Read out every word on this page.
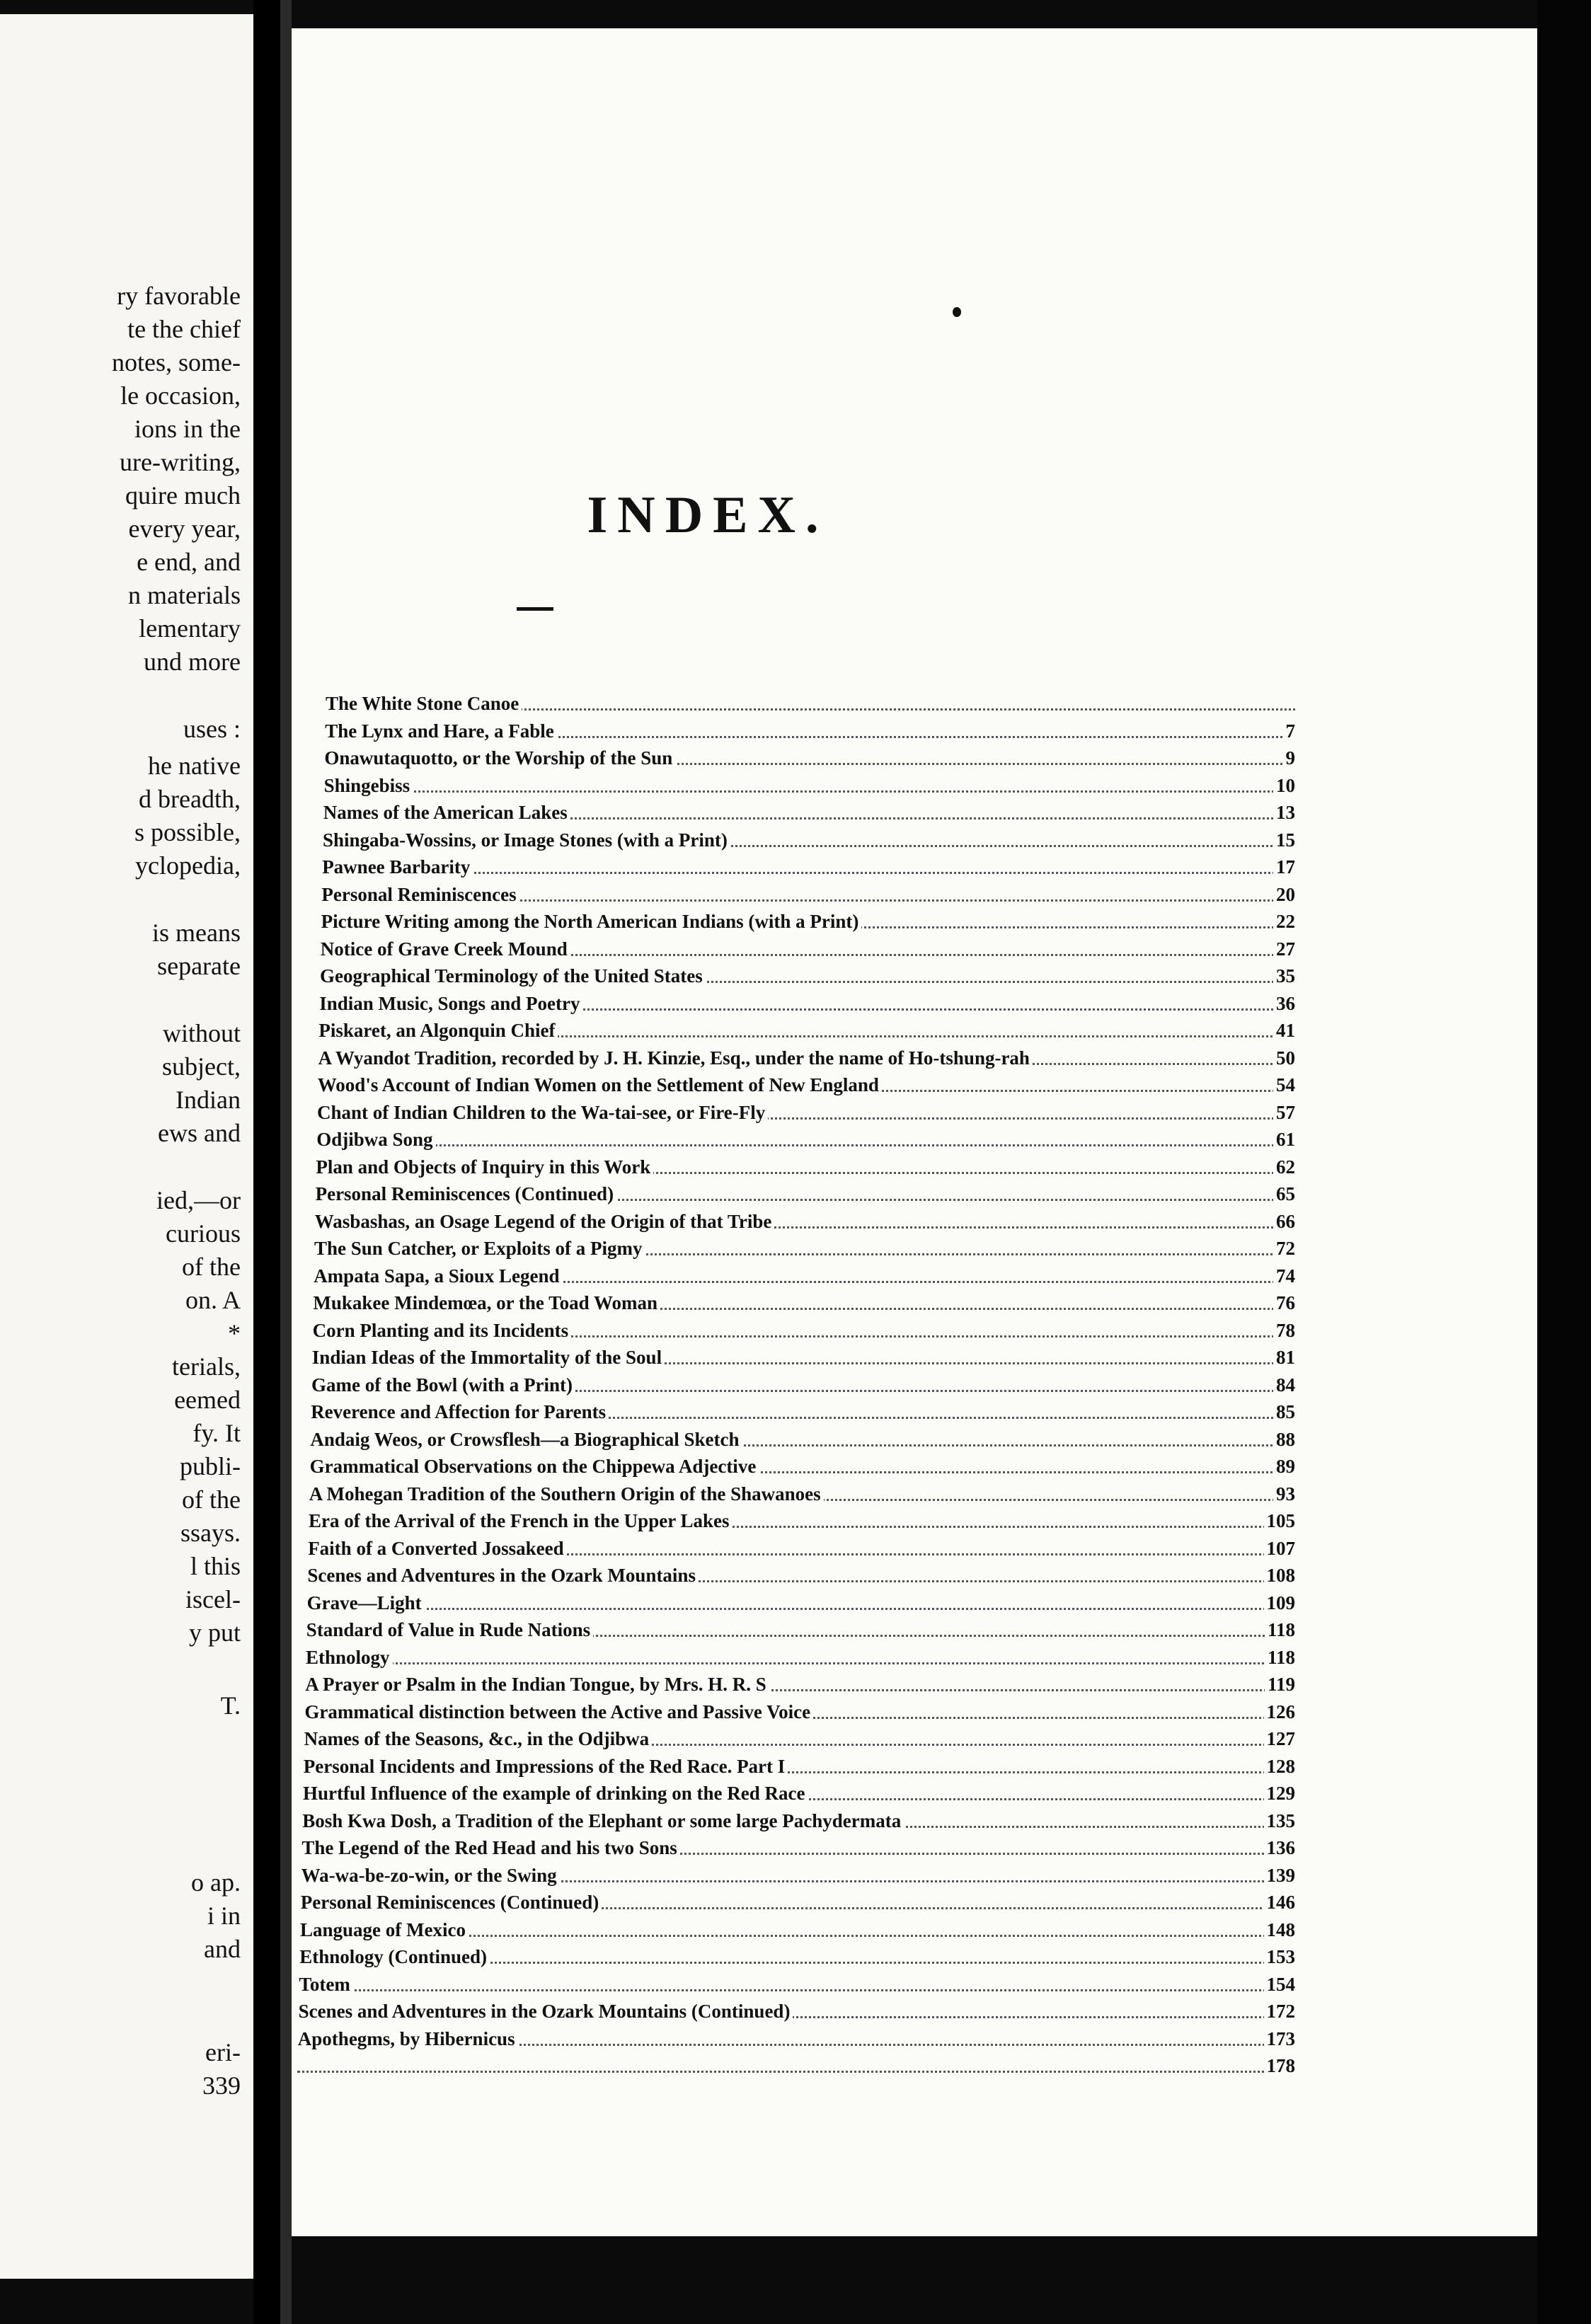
ry favorable
te the chief
notes, some-
le occasion,
ions in the
ure-writing,
quire much
every year,
e end, and
n materials
lementary
und more
uses :
he native
d breadth,
s possible,
yclopedia,
is means
separate
without
subject,
Indian
ews and
ied,—or
curious
of the
on. A
*
terials,
eemed
fy. It
publi-
of the
ssays.
l this
iscel-
y put
T.
o ap.
i in
and
eri-
339
INDEX.
The White Stone Canoe
The Lynx and Hare, a Fable	7
Onawutaquotto, or the Worship of the Sun	9
Shingebiss	10
Names of the American Lakes	13
Shingaba-Wossins, or Image Stones (with a Print)	15
Pawnee Barbarity	17
Personal Reminiscences	20
Picture Writing among the North American Indians (with a Print)	22
Notice of Grave Creek Mound	27
Geographical Terminology of the United States	35
Indian Music, Songs and Poetry	36
Piskaret, an Algonquin Chief	41
A Wyandot Tradition, recorded by J. H. Kinzie, Esq., under the name of Ho-tshung-rah	50
Wood's Account of Indian Women on the Settlement of New England	54
Chant of Indian Children to the Wa-tai-see, or Fire-Fly	57
Odjibwa Song	61
Plan and Objects of Inquiry in this Work	62
Personal Reminiscences (Continued)	65
Wasbashas, an Osage Legend of the Origin of that Tribe	66
The Sun Catcher, or Exploits of a Pigmy	72
Ampata Sapa, a Sioux Legend	74
Mukakee Mindemœa, or the Toad Woman	76
Corn Planting and its Incidents	78
Indian Ideas of the Immortality of the Soul	81
Game of the Bowl (with a Print)	84
Reverence and Affection for Parents	85
Andaig Weos, or Crowsflesh—a Biographical Sketch	88
Grammatical Observations on the Chippewa Adjective	89
A Mohegan Tradition of the Southern Origin of the Shawanoes	93
Era of the Arrival of the French in the Upper Lakes	105
Faith of a Converted Jossakeed	107
Scenes and Adventures in the Ozark Mountains	108
Grave—Light	109
Standard of Value in Rude Nations	118
Ethnology	118
A Prayer or Psalm in the Indian Tongue, by Mrs. H. R. S	119
Grammatical distinction between the Active and Passive Voice	126
Names of the Seasons, &c., in the Odjibwa	127
Personal Incidents and Impressions of the Red Race. Part I	128
Hurtful Influence of the example of drinking on the Red Race	129
Bosh Kwa Dosh, a Tradition of the Elephant or some large Pachydermata	135
The Legend of the Red Head and his two Sons	136
Wa-wa-be-zo-win, or the Swing	139
Personal Reminiscences (Continued)	146
Language of Mexico	148
Ethnology (Continued)	153
Totem	154
Scenes and Adventures in the Ozark Mountains (Continued)	172
Apothegms, by Hibernicus	173
178
